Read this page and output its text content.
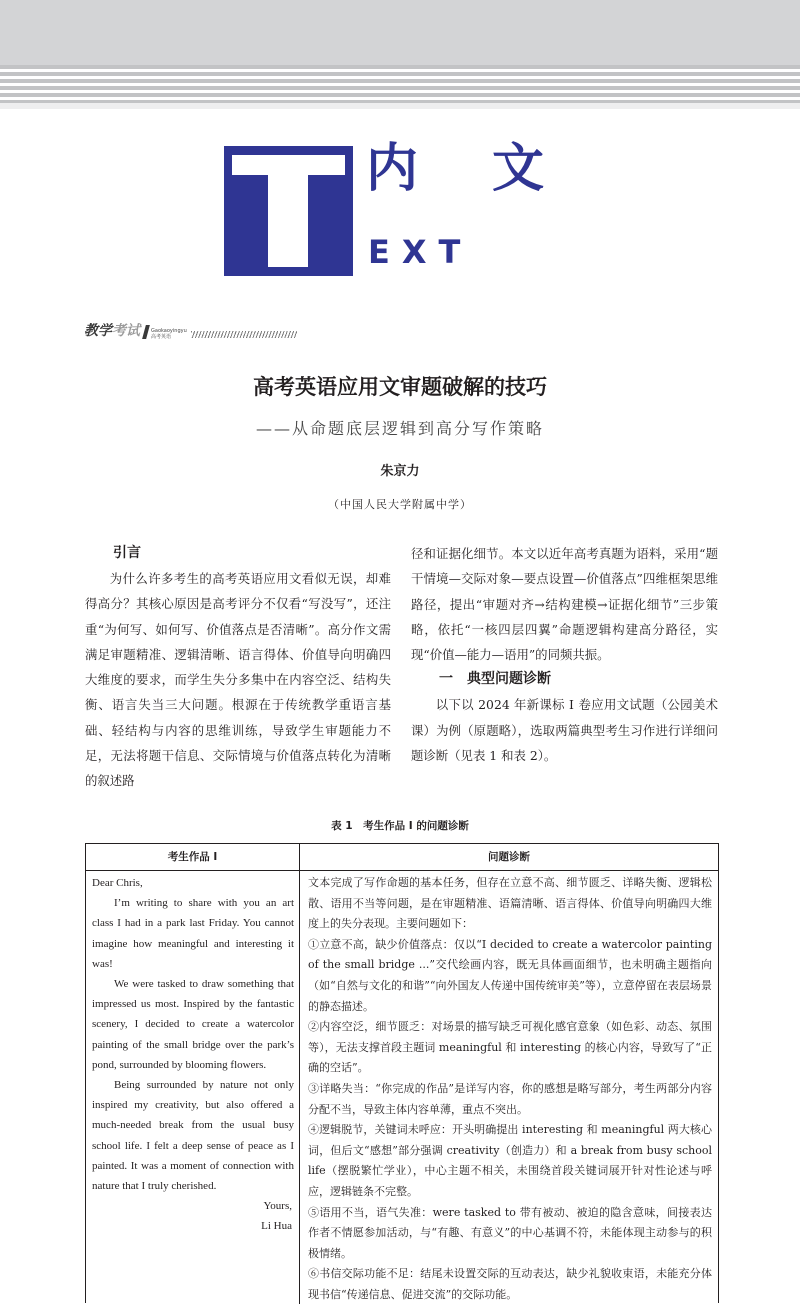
内 文
EXT
教学考试 Gaokaoyingyu
高考英语
高考英语应用文审题破解的技巧
——从命题底层逻辑到高分写作策略
朱京力
（中国人民大学附属中学）
引言

为什么许多考生的高考英语应用文看似无误，却难得高分？其核心原因是高考评分不仅看“写没写”，还注重“为何写、如何写、价值落点是否清晰”。高分作文需满足审题精准、逻辑清晰、语言得体、价值导向明确四大维度的要求，而学生失分多集中在内容空泛、结构失衡、语言失当三大问题。根源在于传统教学重语言基础、轻结构与内容的思维训练，导致学生审题能力不足，无法将题干信息、交际情境与价值落点转化为清晰的叙述路

径和证据化细节。本文以近年高考真题为语料，采用“题干情境—交际对象—要点设置—价值落点”四维框架思维路径，提出“审题对齐→结构建模→证据化细节”三步策略，依托“一核四层四翼”命题逻辑构建高分路径，实现“价值—能力—语用”的同频共振。

一　典型问题诊断

以下以 2024 年新课标 Ⅰ 卷应用文试题（公园美术课）为例（原题略），选取两篇典型考生习作进行详细问题诊断（见表 1 和表 2）。

表 1　考生作品 Ⅰ 的问题诊断
考生作品 Ⅰ	问题诊断

Dear Chris,

I’m writing to share with you an art class I had in a park last Friday. You cannot imagine how meaningful and interesting it was!

We were tasked to draw something that impressed us most. Inspired by the fantastic scenery, I decided to create a watercolor painting of the small bridge over the park’s pond, surrounded by blooming flowers.

Being surrounded by nature not only inspired my creativity, but also offered a much-needed break from the usual busy school life. I felt a deep sense of peace as I painted. It was a moment of connection with nature that I truly cherished.

Yours,

Li Hua

文本完成了写作命题的基本任务，但存在立意不高、细节匮乏、详略失衡、逻辑松散、语用不当等问题，是在审题精准、语篇清晰、语言得体、价值导向明确四大维度上的失分表现。主要问题如下：

①立意不高，缺少价值落点：仅以“I decided to create a watercolor painting of the small bridge ...”交代绘画内容，既无具体画面细节，也未明确主题指向（如“自然与文化的和谐”“向外国友人传递中国传统审美”等），立意停留在表层场景的静态描述。

②内容空泛，细节匮乏：对场景的描写缺乏可视化感官意象（如色彩、动态、氛围等），无法支撑首段主题词 meaningful 和 interesting 的核心内容，导致写了“正确的空话”。

③详略失当：“你完成的作品”是详写内容，你的感想是略写部分，考生两部分内容分配不当，导致主体内容单薄，重点不突出。

④逻辑脱节，关键词未呼应：开头明确提出 interesting 和 meaningful 两大核心词，但后文“感想”部分强调 creativity（创造力）和 a break from busy school life（摆脱繁忙学业），中心主题不相关，未围绕首段关键词展开针对性论述与呼应，逻辑链条不完整。

⑤语用不当，语气失准：were tasked to 带有被动、被迫的隐含意味，间接表达作者不情愿参加活动，与“有趣、有意义”的中心基调不符，未能体现主动参与的积极情绪。

⑥书信交际功能不足：结尾未设置交际的互动表达，缺少礼貌收束语，未能充分体现书信“传递信息、促进交流”的交际功能。
